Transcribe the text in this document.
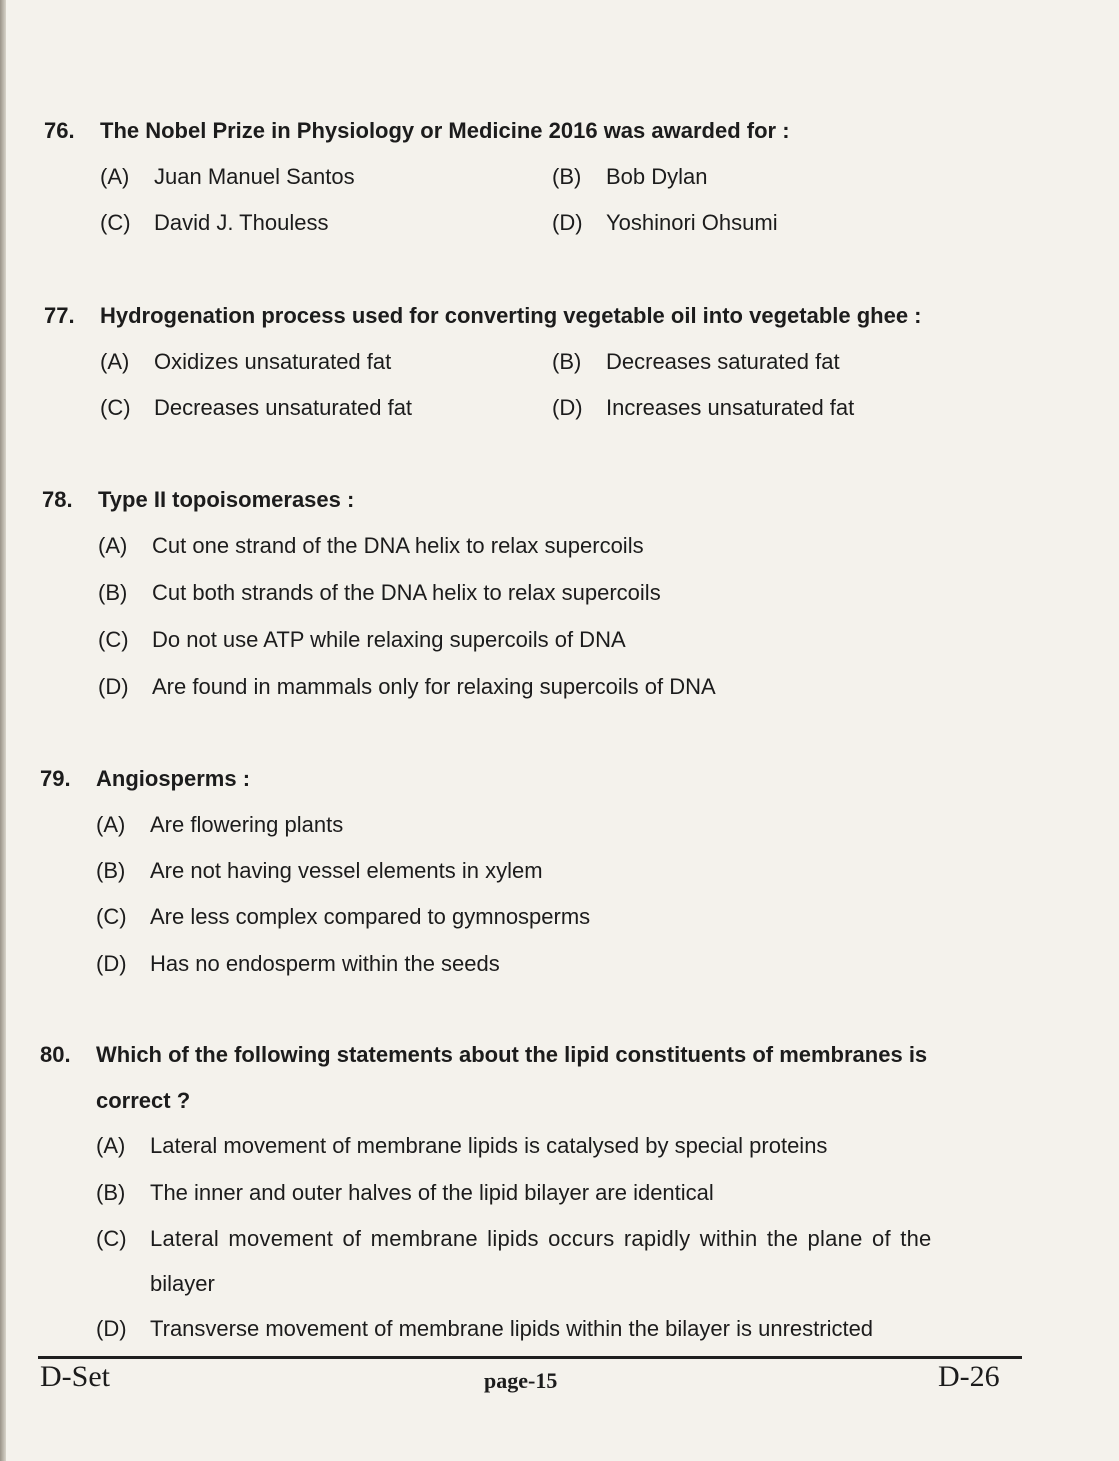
76. The Nobel Prize in Physiology or Medicine 2016 was awarded for :
(A) Juan Manuel Santos	(B) Bob Dylan
(C) David J. Thouless	(D) Yoshinori Ohsumi
77. Hydrogenation process used for converting vegetable oil into vegetable ghee :
(A) Oxidizes unsaturated fat	(B) Decreases saturated fat
(C) Decreases unsaturated fat	(D) Increases unsaturated fat
78. Type II topoisomerases :
(A) Cut one strand of the DNA helix to relax supercoils
(B) Cut both strands of the DNA helix to relax supercoils
(C) Do not use ATP while relaxing supercoils of DNA
(D) Are found in mammals only for relaxing supercoils of DNA
79. Angiosperms :
(A) Are flowering plants
(B) Are not having vessel elements in xylem
(C) Are less complex compared to gymnosperms
(D) Has no endosperm within the seeds
80. Which of the following statements about the lipid constituents of membranes is
correct ?
(A) Lateral movement of membrane lipids is catalysed by special proteins
(B) The inner and outer halves of the lipid bilayer are identical
(C) Lateral movement of membrane lipids occurs rapidly within the plane of the
bilayer
(D) Transverse movement of membrane lipids within the bilayer is unrestricted
D-Set	page-15	D-26
